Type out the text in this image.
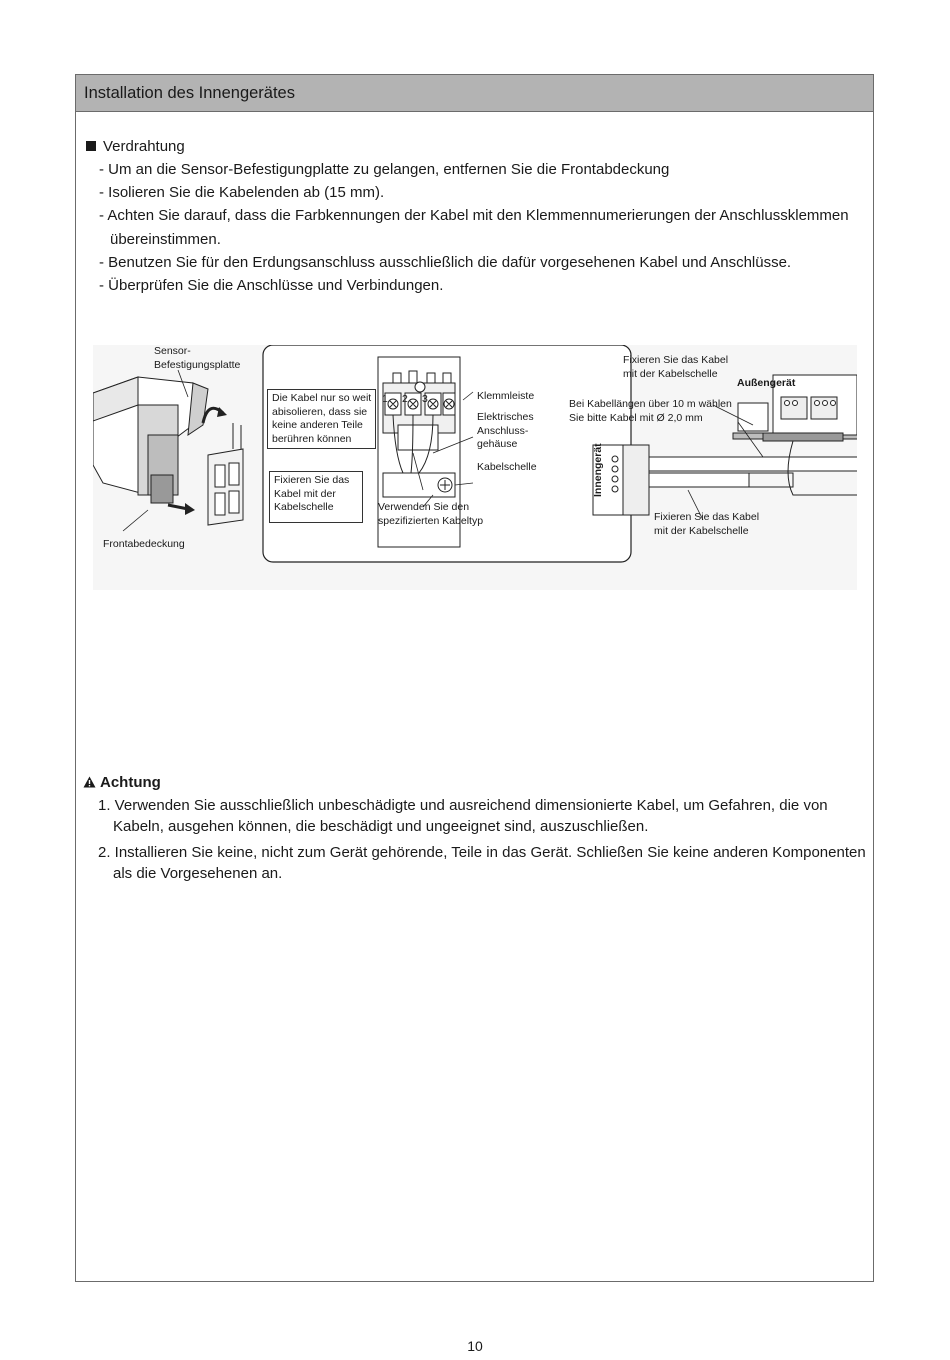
Installation des Innengerätes
Verdrahtung
- Um an die Sensor-Befestigungplatte zu gelangen, entfernen Sie die Frontabdeckung
- Isolieren Sie die Kabelenden ab (15 mm).
- Achten Sie darauf, dass die Farbkennungen der Kabel mit den Klemmennumerierungen der Anschlussklemmen übereinstimmen.
- Benutzen Sie für den Erdungsanschluss ausschließlich die dafür vorgesehenen Kabel und Anschlüsse.
- Überprüfen Sie die Anschlüsse und Verbindungen.
Sensor-
Befestigungsplatte
Frontabedeckung
Die Kabel nur so weit
abisolieren, dass sie
keine anderen Teile
berühren können
Fixieren Sie das
Kabel mit der
Kabelschelle
1 2 3	Klemmleiste
Elektrisches
Anschluss-
gehäuse
Kabelschelle
Verwenden Sie den
spezifizierten Kabeltyp
Fixieren Sie das Kabel
mit der Kabelschelle
Außengerät
Bei Kabellängen über 10 m wählen
Sie bitte Kabel mit Ø 2,0 mm
Innengerät
Fixieren Sie das Kabel
mit der Kabelschelle
Achtung
1. Verwenden Sie ausschließlich unbeschädigte und ausreichend dimensionierte Kabel, um Gefahren, die von Kabeln, ausgehen können, die beschädigt und ungeeignet sind, auszuschließen.
2. Installieren Sie keine, nicht zum Gerät gehörende, Teile in das Gerät. Schließen Sie keine anderen Komponenten als die Vorgesehenen an.
10
